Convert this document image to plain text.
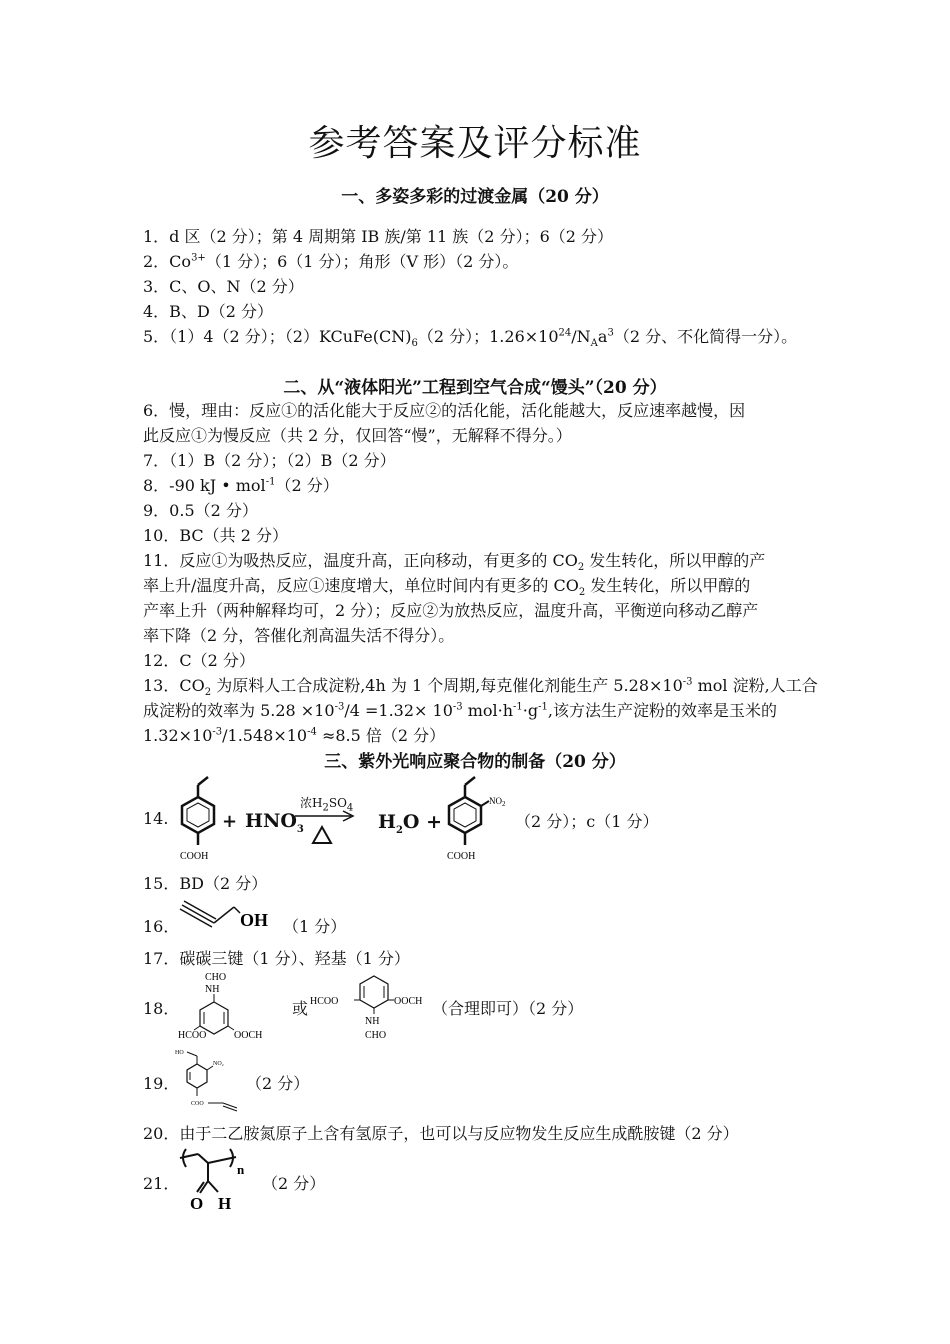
参考答案及评分标准
一、多姿多彩的过渡金属（20 分）
1．d 区（2 分）；第 4 周期第 IB 族/第 11 族（2 分）；6（2 分）
2．$Co^{3+}(1$ 分）；6（1 分）；角形（V 形）（2 分）。
3．C、O、N（2 分）
4．B、D（2 分）
5．（1）4（2 分）；$(2)KCuFe(CN)_6(2$ 分）；$1.26\times 10^{24}/N_Aa^3(2$ 分、不化简得一分）。
二、从“液体阳光”工程到空气合成“馒头”（20 分）
6．慢，理由：反应①的活化能大于反应②的活化能，活化能越大，反应速率越慢，因
此反应①为慢反应（共 2 分，仅回答“慢”，无解释不得分。）
7．（1）B（2 分）；（2）B（2 分）
8．-90 kJ • mol$^{-1}$（2 分）
9．0.5（2 分）
10．BC（共 2 分）
11．反应①为吸热反应，温度升高，正向移动，有更多的 $CO_2$ 发生转化，所以甲醇的产
率上升/温度升高，反应①速度增大，单位时间内有更多的 $CO_2$ 发生转化，所以甲醇的
产率上升（两种解释均可，2 分）；反应②为放热反应，温度升高，平衡逆向移动乙醇产
率下降（2 分，答催化剂高温失活不得分）。
12．C（2 分）
13．$CO_2$ 为原料人工合成淀粉,4h 为 1 个周期,每克催化剂能生产 $5.28\times 10^{-3}$ mol 淀粉,人工合
成淀粉的效率为 $5.28 \times 10^{-3}/4 =1.32\times 10^{-3}$ $mol\cdot h^{-1}\cdot g^{-1}$,该方法生产淀粉的效率是玉米的
$1.32\times 10^{-3}/1.548\times 10^{-4} \approx 8.5$ 倍（2 分）
三、紫外光响应聚合物的制备（20 分）
14.
COOH
+ $HNO_3$
浓$H_2SO_4$
$H_2O$ +
$NO_2$
COOH
（2 分）；c（1 分）
15．BD（2 分）
16．	OH （1 分）
17．碳碳三键（1 分）、羟基（1 分）
18．
CHO
NH
HCOO	OOCH
或 HCOO	OOCH
NH
CHO
（合理即可）（2 分）
19．
HO
NO₂
COO
（2 分）
20．由于二乙胺氮原子上含有氢原子，也可以与反应物发生反应生成酰胺键（2 分）
21．
n
O H
（2 分）
